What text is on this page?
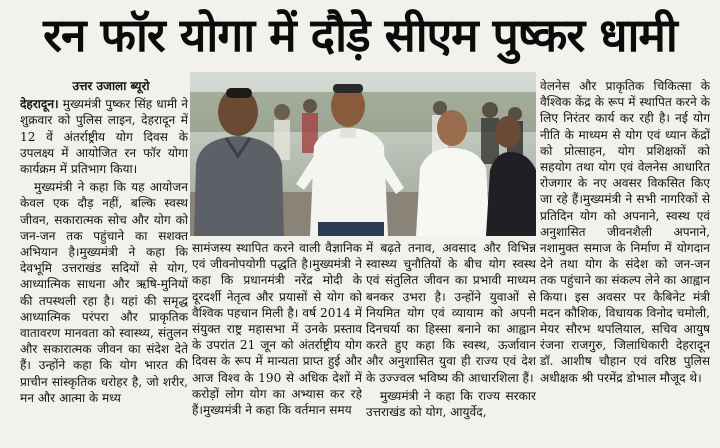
रन फॉर योगा में दौड़े सीएम पुष्कर धामी

उत्तर उजाला ब्यूरो

देहरादून। मुख्यमंत्री पुष्कर सिंह धामी ने शुक्रवार को पुलिस लाइन, देहरादून में 12 वें अंतर्राष्ट्रीय योग दिवस के उपलक्ष्य में आयोजित रन फॉर योगा कार्यक्रम में प्रतिभाग किया।

मुख्यमंत्री ने कहा कि यह आयोजन केवल एक दौड़ नहीं, बल्कि स्वस्थ जीवन, सकारात्मक सोच और योग को जन-जन तक पहुंचाने का सशक्त अभियान है।मुख्यमंत्री ने कहा कि देवभूमि उत्तराखंड सदियों से योग, आध्यात्मिक साधना और ऋषि-मुनियों की तपस्थली रहा है। यहां की समृद्ध आध्यात्मिक परंपरा और प्राकृतिक वातावरण मानवता को स्वास्थ्य, संतुलन और सकारात्मक जीवन का संदेश देते हैं। उन्होंने कहा कि योग भारत की प्राचीन सांस्कृतिक धरोहर है, जो शरीर, मन और आत्मा के मध्य

सामंजस्य स्थापित करने वाली वैज्ञानिक एवं जीवनोपयोगी पद्धति है।मुख्यमंत्री ने कहा कि प्रधानमंत्री नरेंद्र मोदी के दूरदर्शी नेतृत्व और प्रयासों से योग को वैश्विक पहचान मिली है। वर्ष 2014 में संयुक्त राष्ट्र महासभा में उनके प्रस्ताव के उपरांत 21 जून को अंतर्राष्ट्रीय योग दिवस के रूप में मान्यता प्राप्त हुई और आज विश्व के 190 से अधिक देशों में करोड़ों लोग योग का अभ्यास कर रहे हैं।मुख्यमंत्री ने कहा कि वर्तमान समय

में बढ़ते तनाव, अवसाद और विभिन्न स्वास्थ्य चुनौतियों के बीच योग स्वस्थ एवं संतुलित जीवन का प्रभावी माध्यम बनकर उभरा है। उन्होंने युवाओं से नियमित योग एवं व्यायाम को अपनी दिनचर्या का हिस्सा बनाने का आह्वान करते हुए कहा कि स्वस्थ, ऊर्जावान और अनुशासित युवा ही राज्य एवं देश के उज्ज्वल भविष्य की आधारशिला हैं।

मुख्यमंत्री ने कहा कि राज्य सरकार उत्तराखंड को योग, आयुर्वेद,

वेलनेस और प्राकृतिक चिकित्सा के वैश्विक केंद्र के रूप में स्थापित करने के लिए निरंतर कार्य कर रही है। नई योग नीति के माध्यम से योग एवं ध्यान केंद्रों को प्रोत्साहन, योग प्रशिक्षकों को सहयोग तथा योग एवं वेलनेस आधारित रोजगार के नए अवसर विकसित किए जा रहे हैं।मुख्यमंत्री ने सभी नागरिकों से प्रतिदिन योग को अपनाने, स्वस्थ एवं अनुशासित जीवनशैली अपनाने, नशामुक्त समाज के निर्माण में योगदान देने तथा योग के संदेश को जन-जन तक पहुंचाने का संकल्प लेने का आह्वान किया। इस अवसर पर कैबिनेट मंत्री मदन कौशिक, विधायक विनोद चमोली, मेयर सौरभ थपलियाल, सचिव आयुष रंजना राजगुरु, जिलाधिकारी देहरादून डॉ. आशीष चौहान एवं वरिष्ठ पुलिस अधीक्षक श्री परमेंद्र डोभाल मौजूद थे।
